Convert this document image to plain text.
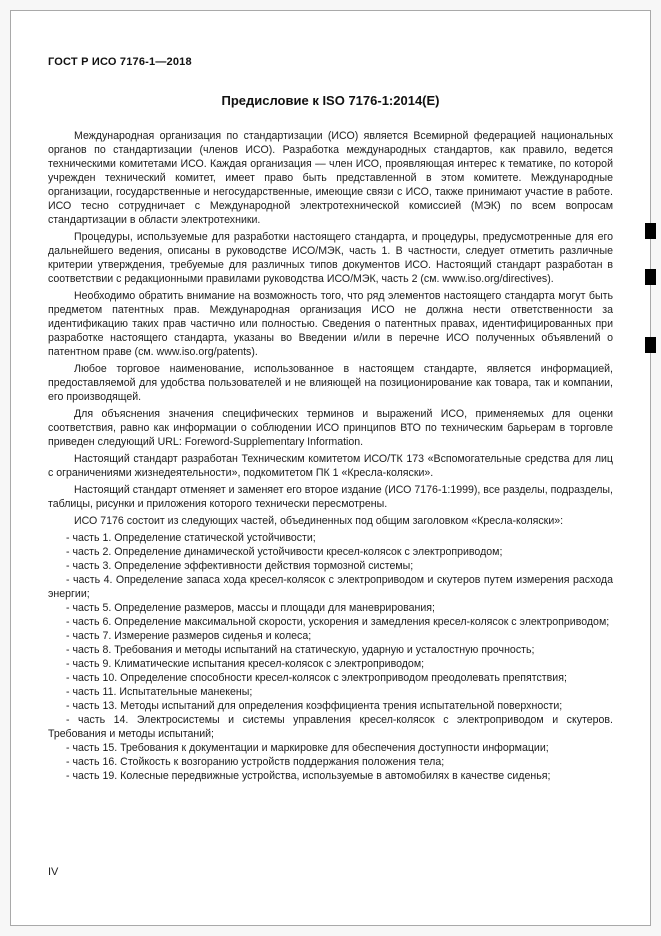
ГОСТ Р ИСО 7176-1—2018
Предисловие к ISO 7176-1:2014(E)

Международная организация по стандартизации (ИСО) является Всемирной федерацией национальных органов по стандартизации (членов ИСО). Разработка международных стандартов, как правило, ведется техническими комитетами ИСО. Каждая организация — член ИСО, проявляющая интерес к тематике, по которой учрежден технический комитет, имеет право быть представленной в этом комитете. Международные организации, государственные и негосударственные, имеющие связи с ИСО, также принимают участие в работе. ИСО тесно сотрудничает с Международной электротехнической комиссией (МЭК) по всем вопросам стандартизации в области электротехники.

Процедуры, используемые для разработки настоящего стандарта, и процедуры, предусмотренные для его дальнейшего ведения, описаны в руководстве ИСО/МЭК, часть 1. В частности, следует отметить различные критерии утверждения, требуемые для различных типов документов ИСО. Настоящий стандарт разработан в соответствии с редакционными правилами руководства ИСО/МЭК, часть 2 (см. www.iso.org/directives).

Необходимо обратить внимание на возможность того, что ряд элементов настоящего стандарта могут быть предметом патентных прав. Международная организация ИСО не должна нести ответственности за идентификацию таких прав частично или полностью. Сведения о патентных правах, идентифицированных при разработке настоящего стандарта, указаны во Введении и/или в перечне ИСО полученных объявлений о патентном праве (см. www.iso.org/patents).

Любое торговое наименование, использованное в настоящем стандарте, является информацией, предоставляемой для удобства пользователей и не влияющей на позиционирование как товара, так и компании, его производящей.

Для объяснения значения специфических терминов и выражений ИСО, применяемых для оценки соответствия, равно как информации о соблюдении ИСО принципов ВТО по техническим барьерам в торговле приведен следующий URL: Foreword-Supplementary Information.

Настоящий стандарт разработан Техническим комитетом ИСО/ТК 173 «Вспомогательные средства для лиц с ограничениями жизнедеятельности», подкомитетом ПК 1 «Кресла-коляски».

Настоящий стандарт отменяет и заменяет его второе издание (ИСО 7176-1:1999), все разделы, подразделы, таблицы, рисунки и приложения которого технически пересмотрены.

ИСО 7176 состоит из следующих частей, объединенных под общим заголовком «Кресла-коляски»:

- часть 1. Определение статической устойчивости;

- часть 2. Определение динамической устойчивости кресел-колясок с электроприводом;

- часть 3. Определение эффективности действия тормозной системы;

- часть 4. Определение запаса хода кресел-колясок с электроприводом и скутеров путем измерения расхода энергии;

- часть 5. Определение размеров, массы и площади для маневрирования;

- часть 6. Определение максимальной скорости, ускорения и замедления кресел-колясок с электроприводом;

- часть 7. Измерение размеров сиденья и колеса;

- часть 8. Требования и методы испытаний на статическую, ударную и усталостную прочность;

- часть 9. Климатические испытания кресел-колясок с электроприводом;

- часть 10. Определение способности кресел-колясок с электроприводом преодолевать препятствия;

- часть 11. Испытательные манекены;

- часть 13. Методы испытаний для определения коэффициента трения испытательной поверхности;

- часть 14. Электросистемы и системы управления кресел-колясок с электроприводом и скутеров. Требования и методы испытаний;

- часть 15. Требования к документации и маркировке для обеспечения доступности информации;

- часть 16. Стойкость к возгоранию устройств поддержания положения тела;

- часть 19. Колесные передвижные устройства, используемые в автомобилях в качестве сиденья;

IV
